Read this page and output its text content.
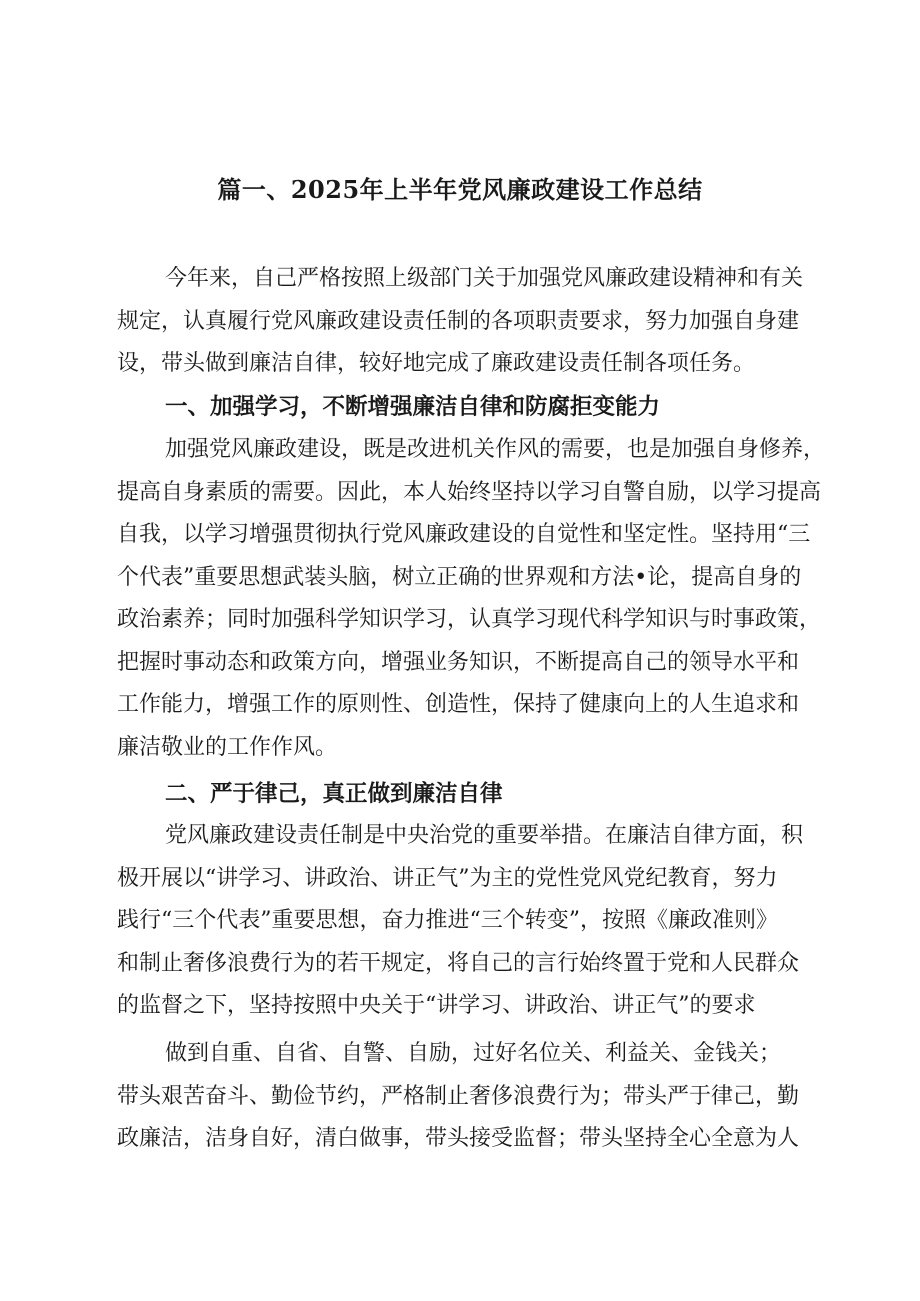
篇一、2025年上半年党风廉政建设工作总结
今年来，自己严格按照上级部门关于加强党风廉政建设精神和有关
规定，认真履行党风廉政建设责任制的各项职责要求，努力加强自身建
设，带头做到廉洁自律，较好地完成了廉政建设责任制各项任务。
一、加强学习，不断增强廉洁自律和防腐拒变能力
加强党风廉政建设，既是改进机关作风的需要，也是加强自身修养，
提高自身素质的需要。因此，本人始终坚持以学习自警自励，以学习提高
自我，以学习增强贯彻执行党风廉政建设的自觉性和坚定性。坚持用“三
个代表”重要思想武装头脑，树立正确的世界观和方法•论，提高自身的
政治素养；同时加强科学知识学习，认真学习现代科学知识与时事政策，
把握时事动态和政策方向，增强业务知识，不断提高自己的领导水平和
工作能力，增强工作的原则性、创造性，保持了健康向上的人生追求和
廉洁敬业的工作作风。
二、严于律己，真正做到廉洁自律
党风廉政建设责任制是中央治党的重要举措。在廉洁自律方面，积
极开展以“讲学习、讲政治、讲正气”为主的党性党风党纪教育，努力
践行“三个代表”重要思想，奋力推进“三个转变”，按照《廉政准则》
和制止奢侈浪费行为的若干规定，将自己的言行始终置于党和人民群众
的监督之下，坚持按照中央关于“讲学习、讲政治、讲正气”的要求
做到自重、自省、自警、自励，过好名位关、利益关、金钱关；
带头艰苦奋斗、勤俭节约，严格制止奢侈浪费行为；带头严于律己，勤
政廉洁，洁身自好，清白做事，带头接受监督；带头坚持全心全意为人
